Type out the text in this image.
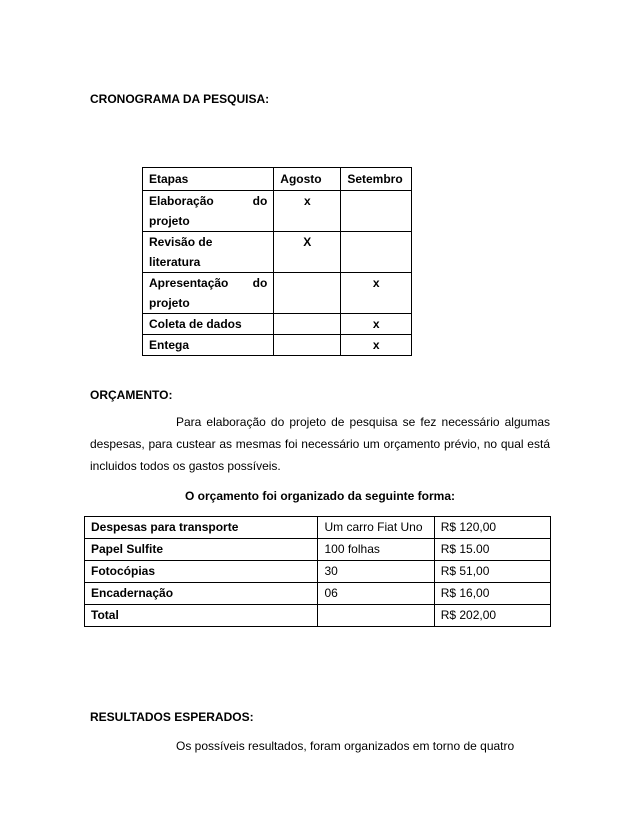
CRONOGRAMA DA PESQUISA:
Etapas	Agosto	Setembro

Elaboração do
projeto	x	

Revisão de
literatura	X	

Apresentação do
projeto		x
Coleta de dados		x
Entega		x
ORÇAMENTO:

Para elaboração do projeto de pesquisa se fez necessário algumas despesas, para custear as mesmas foi necessário um orçamento prévio, no qual está incluidos todos os gastos possíveis.

O orçamento foi organizado da seguinte forma:

Despesas para transporte	Um carro Fiat Uno	R$ 120,00
Papel Sulfite	100 folhas	R$ 15.00
Fotocópias	30	R$ 51,00
Encadernação	06	R$ 16,00
Total		R$ 202,00
RESULTADOS ESPERADOS:

Os possíveis resultados, foram organizados em torno de quatro
